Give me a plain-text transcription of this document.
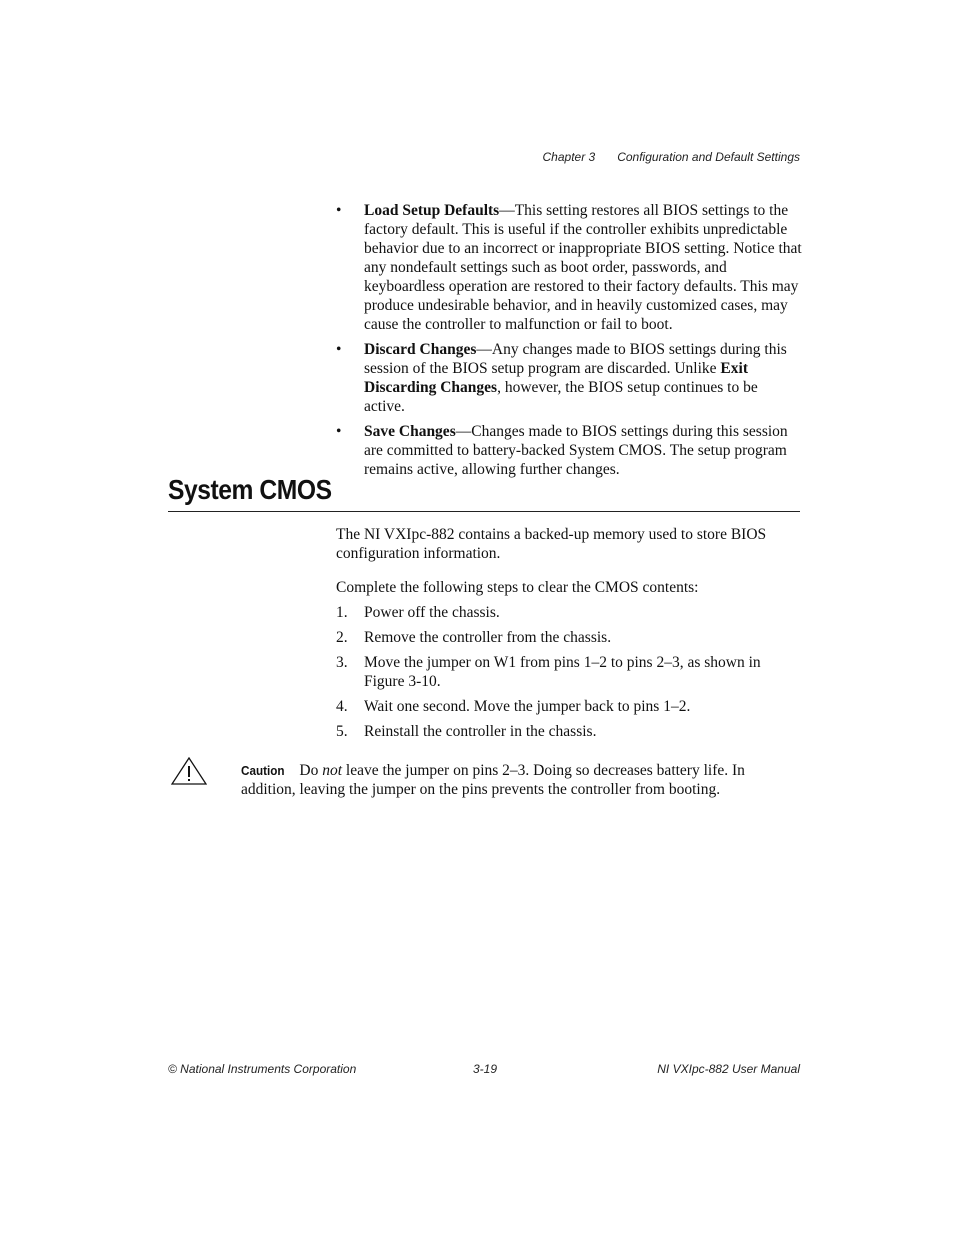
Chapter 3 Configuration and Default Settings
• Load Setup Defaults—This setting restores all BIOS settings to the factory default. This is useful if the controller exhibits unpredictable behavior due to an incorrect or inappropriate BIOS setting. Notice that any nondefault settings such as boot order, passwords, and keyboardless operation are restored to their factory defaults. This may produce undesirable behavior, and in heavily customized cases, may cause the controller to malfunction or fail to boot.
• Discard Changes—Any changes made to BIOS settings during this session of the BIOS setup program are discarded. Unlike Exit Discarding Changes, however, the BIOS setup continues to be active.
• Save Changes—Changes made to BIOS settings during this session are committed to battery-backed System CMOS. The setup program remains active, allowing further changes.
System CMOS

The NI VXIpc-882 contains a backed-up memory used to store BIOS configuration information.

Complete the following steps to clear the CMOS contents:

1. Power off the chassis.
2. Remove the controller from the chassis.
3. Move the jumper on W1 from pins 1–2 to pins 2–3, as shown in Figure 3-10.
4. Wait one second. Move the jumper back to pins 1–2.
5. Reinstall the controller in the chassis.
Caution Do not leave the jumper on pins 2–3. Doing so decreases battery life. In addition, leaving the jumper on the pins prevents the controller from booting.
© National Instruments Corporation	3-19	NI VXIpc-882 User Manual
